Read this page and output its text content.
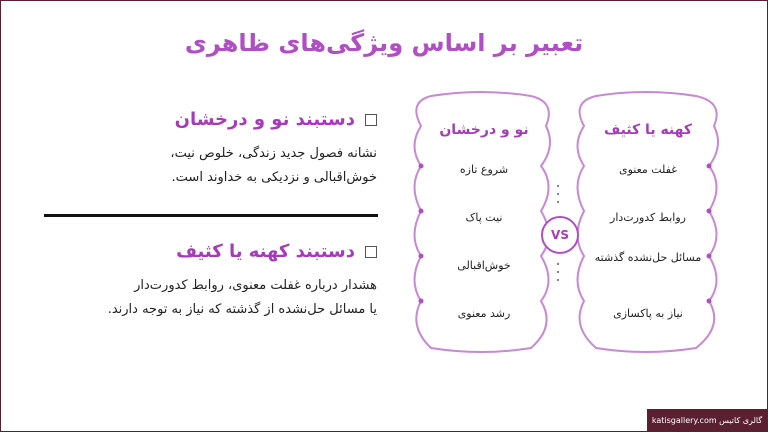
تعبیر بر اساس ویژگی‌های ظاهری
دستبند نو و درخشان
نشانه فصول جدید زندگی، خلوص نیت،
خوش‌اقبالی و نزدیکی به خداوند است.
دستبند کهنه یا کثیف
هشدار درباره غفلت معنوی، روابط کدورت‌دار
یا مسائل حل‌نشده از گذشته که نیاز به توجه دارند.
نو و درخشان	کهنه یا کثیف
شروع تازه
نیت پاک
خوش‌اقبالی
رشد معنوی
غفلت معنوی
روابط کدورت‌دار
مسائل حل‌نشده گذشته
نیاز به پاکسازی
VS
گالری کاتیس katisgallery.com
